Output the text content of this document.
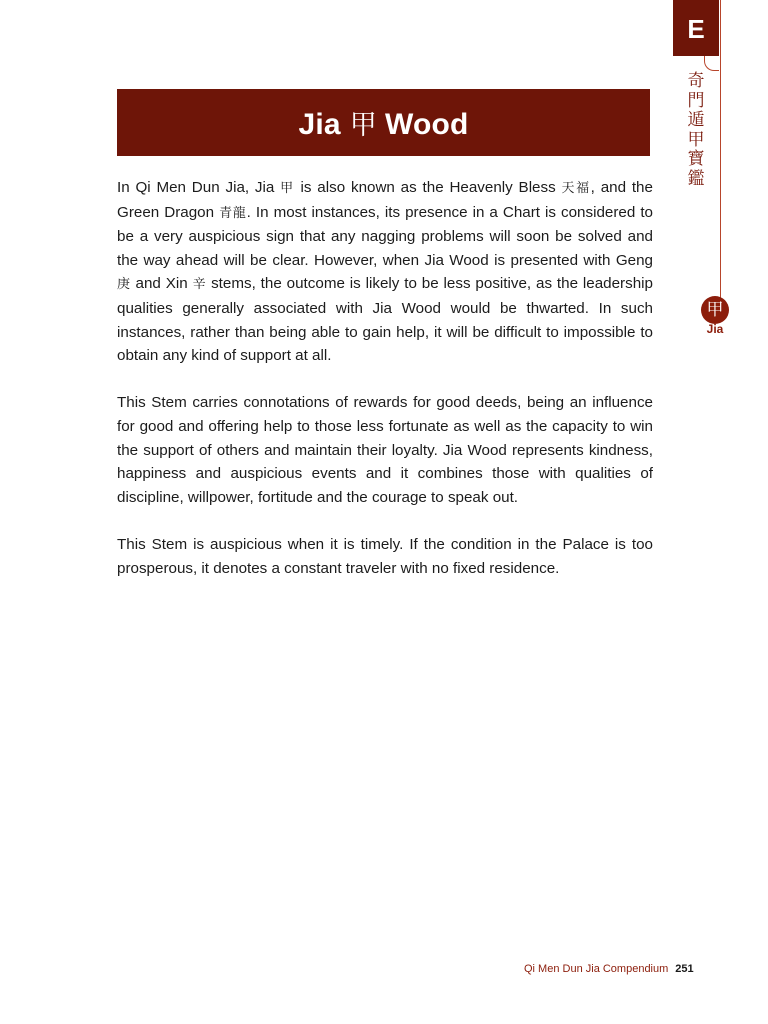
E
奇
門
遁
甲
寶
鑑
甲
Jia
Jia 甲 Wood

In Qi Men Dun Jia, Jia 甲 is also known as the Heavenly Bless 天福, and the Green Dragon 青龍. In most instances, its presence in a Chart is considered to be a very auspicious sign that any nagging problems will soon be solved and the way ahead will be clear. However, when Jia Wood is presented with Geng 庚 and Xin 辛 stems, the outcome is likely to be less positive, as the leadership qualities generally associated with Jia Wood would be thwarted. In such instances, rather than being able to gain help, it will be difficult to impossible to obtain any kind of support at all.

This Stem carries connotations of rewards for good deeds, being an influence for good and offering help to those less fortunate as well as the capacity to win the support of others and maintain their loyalty. Jia Wood represents kindness, happiness and auspicious events and it combines those with qualities of discipline, willpower, fortitude and the courage to speak out.

This Stem is auspicious when it is timely. If the condition in the Palace is too prosperous, it denotes a constant traveler with no fixed residence.

Qi Men Dun Jia Compendium 251
